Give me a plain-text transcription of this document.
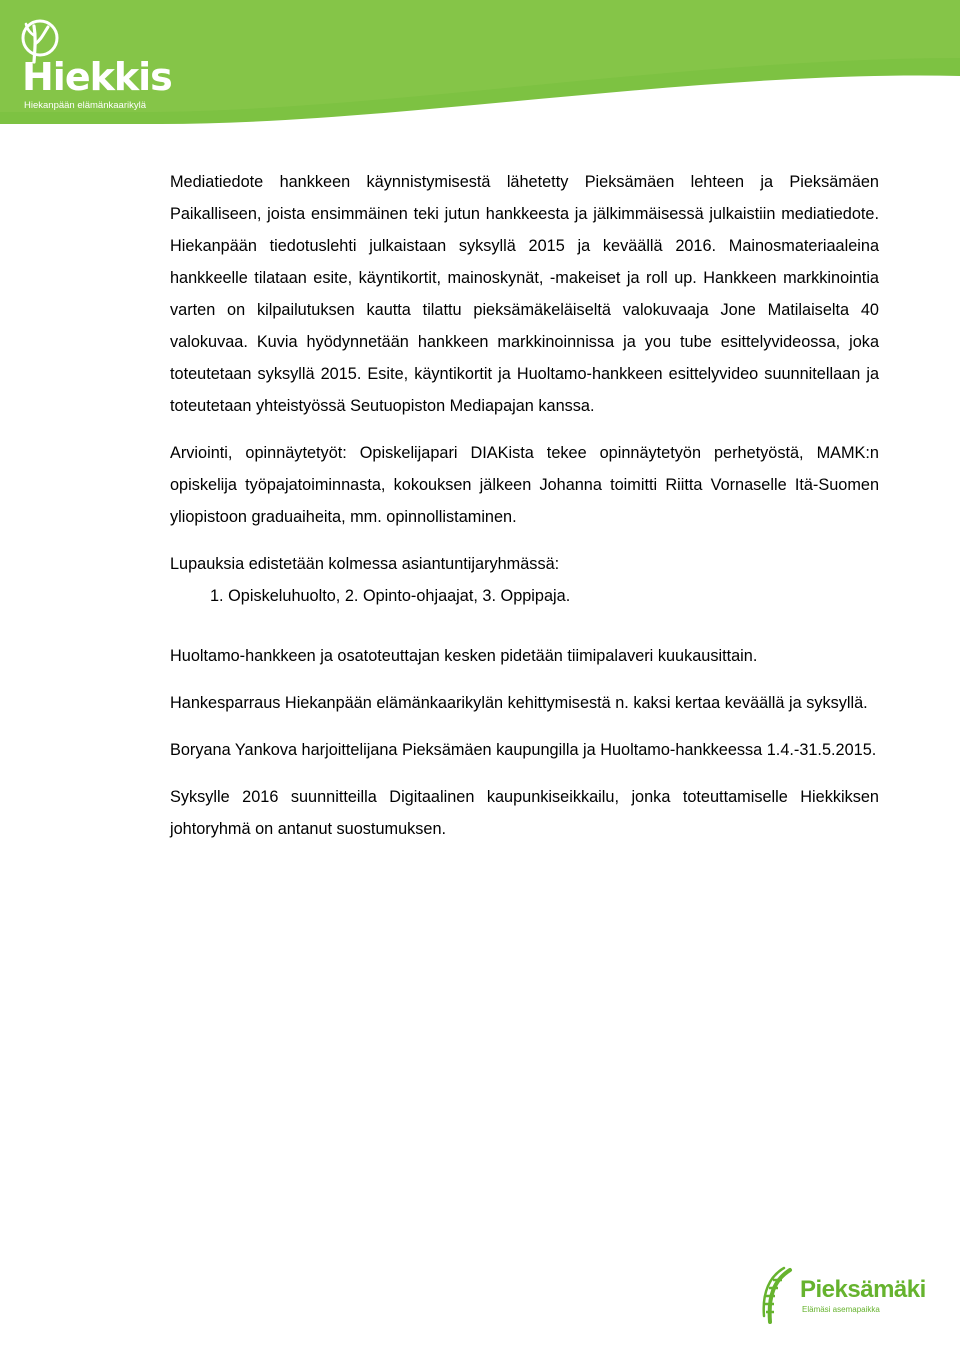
Hiekkis
Hiekanpään elämänkaarikylä

Mediatiedote hankkeen käynnistymisestä lähetetty Pieksämäen lehteen ja Pieksämäen Paikalliseen, joista ensimmäinen teki jutun hankkeesta ja jälkimmäisessä julkaistiin mediatiedote. Hiekanpään tiedotuslehti julkaistaan syksyllä 2015 ja keväällä 2016. Mainosmateriaaleina hankkeelle tilataan esite, käyntikortit, mainoskynät, -makeiset ja roll up. Hankkeen markkinointia varten on kilpailutuksen kautta tilattu pieksämäkeläiseltä valokuvaaja Jone Matilaiselta 40 valokuvaa. Kuvia hyödynnetään hankkeen markkinoinnissa ja you tube esittelyvideossa, joka toteutetaan syksyllä 2015. Esite, käyntikortit ja Huoltamo-hankkeen esittelyvideo suunnitellaan ja toteutetaan yhteistyössä Seutuopiston Mediapajan kanssa.

Arviointi, opinnäytetyöt: Opiskelijapari DIAKista tekee opinnäytetyön perhetyöstä, MAMK:n opiskelija työpajatoiminnasta, kokouksen jälkeen Johanna toimitti Riitta Vornaselle Itä-Suomen yliopistoon graduaiheita, mm. opinnollistaminen.

Lupauksia edistetään kolmessa asiantuntijaryhmässä:

1. Opiskeluhuolto, 2. Opinto-ohjaajat, 3. Oppipaja.

Huoltamo-hankkeen ja osatoteuttajan kesken pidetään tiimipalaveri kuukausittain.

Hankesparraus Hiekanpään elämänkaarikylän kehittymisestä n. kaksi kertaa keväällä ja syksyllä.

Boryana Yankova harjoittelijana Pieksämäen kaupungilla ja Huoltamo-hankkeessa 1.4.-31.5.2015.

Syksylle 2016 suunnitteilla Digitaalinen kaupunkiseikkailu, jonka toteuttamiselle Hiekkiksen johtoryhmä on antanut suostumuksen.

Pieksämäki
Elämäsi asemapaikka
